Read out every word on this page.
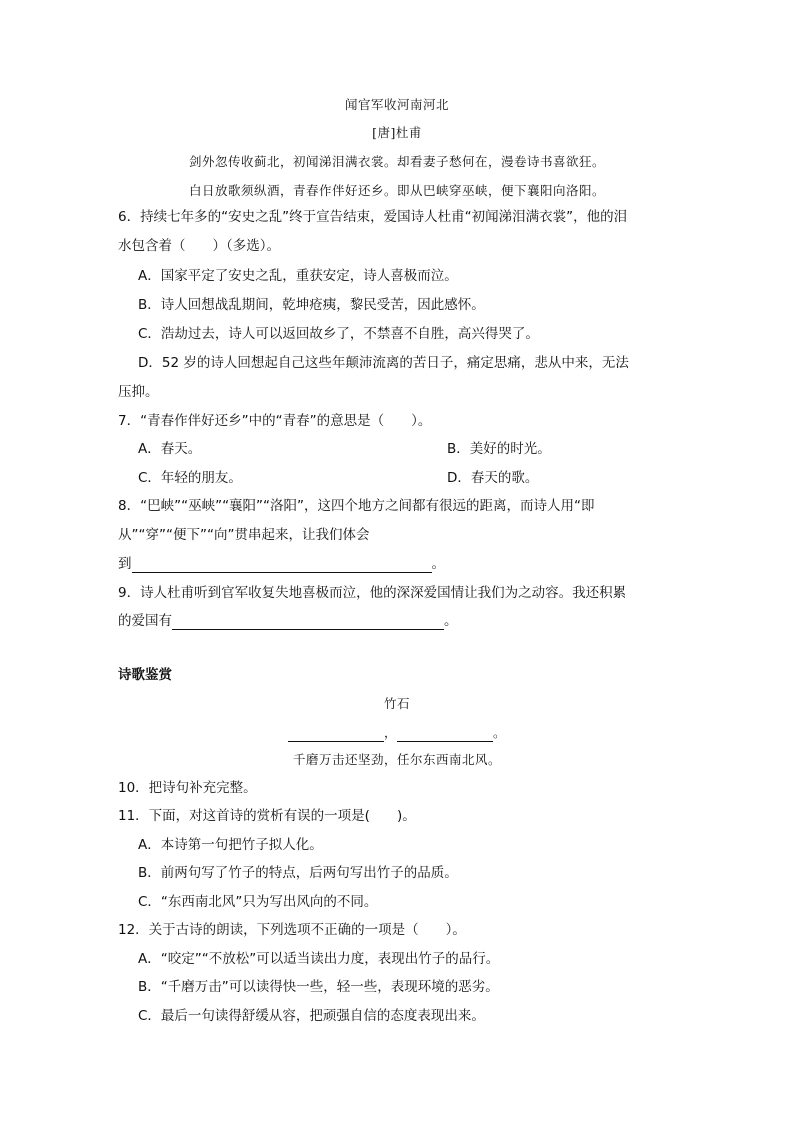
闻官军收河南河北
[唐]杜甫
剑外忽传收蓟北，初闻涕泪满衣裳。却看妻子愁何在，漫卷诗书喜欲狂。
白日放歌须纵酒，青春作伴好还乡。即从巴峡穿巫峡，便下襄阳向洛阳。
6．持续七年多的“安史之乱”终于宣告结束，爱国诗人杜甫“初闻涕泪满衣裳”，他的泪
水包含着（　　）（多选）。
A．国家平定了安史之乱，重获安定，诗人喜极而泣。
B．诗人回想战乱期间，乾坤疮痍，黎民受苦，因此感怀。
C．浩劫过去，诗人可以返回故乡了，不禁喜不自胜，高兴得哭了。
D．52 岁的诗人回想起自己这些年颠沛流离的苦日子，痛定思痛，悲从中来，无法
压抑。
7．“青春作伴好还乡”中的“青春”的意思是（　　）。
A．春天。	B．美好的时光。
C．年轻的朋友。	D．春天的歌。
8．“巴峡”“巫峡”“襄阳”“洛阳”，这四个地方之间都有很远的距离，而诗人用“即
从”“穿”“便下”“向”贯串起来，让我们体会
到	。
9．诗人杜甫听到官军收复失地喜极而泣，他的深深爱国情让我们为之动容。我还积累
的爱国有	。
诗歌鉴赏
竹石
，	。
千磨万击还坚劲，任尔东西南北风。
10．把诗句补充完整。
11．下面，对这首诗的赏析有误的一项是(　　)。
A．本诗第一句把竹子拟人化。
B．前两句写了竹子的特点，后两句写出竹子的品质。
C．“东西南北风”只为写出风向的不同。
12．关于古诗的朗读，下列选项不正确的一项是（　　）。
A．“咬定”“不放松”可以适当读出力度，表现出竹子的品行。
B．“千磨万击”可以读得快一些，轻一些，表现环境的恶劣。
C．最后一句读得舒缓从容，把顽强自信的态度表现出来。
